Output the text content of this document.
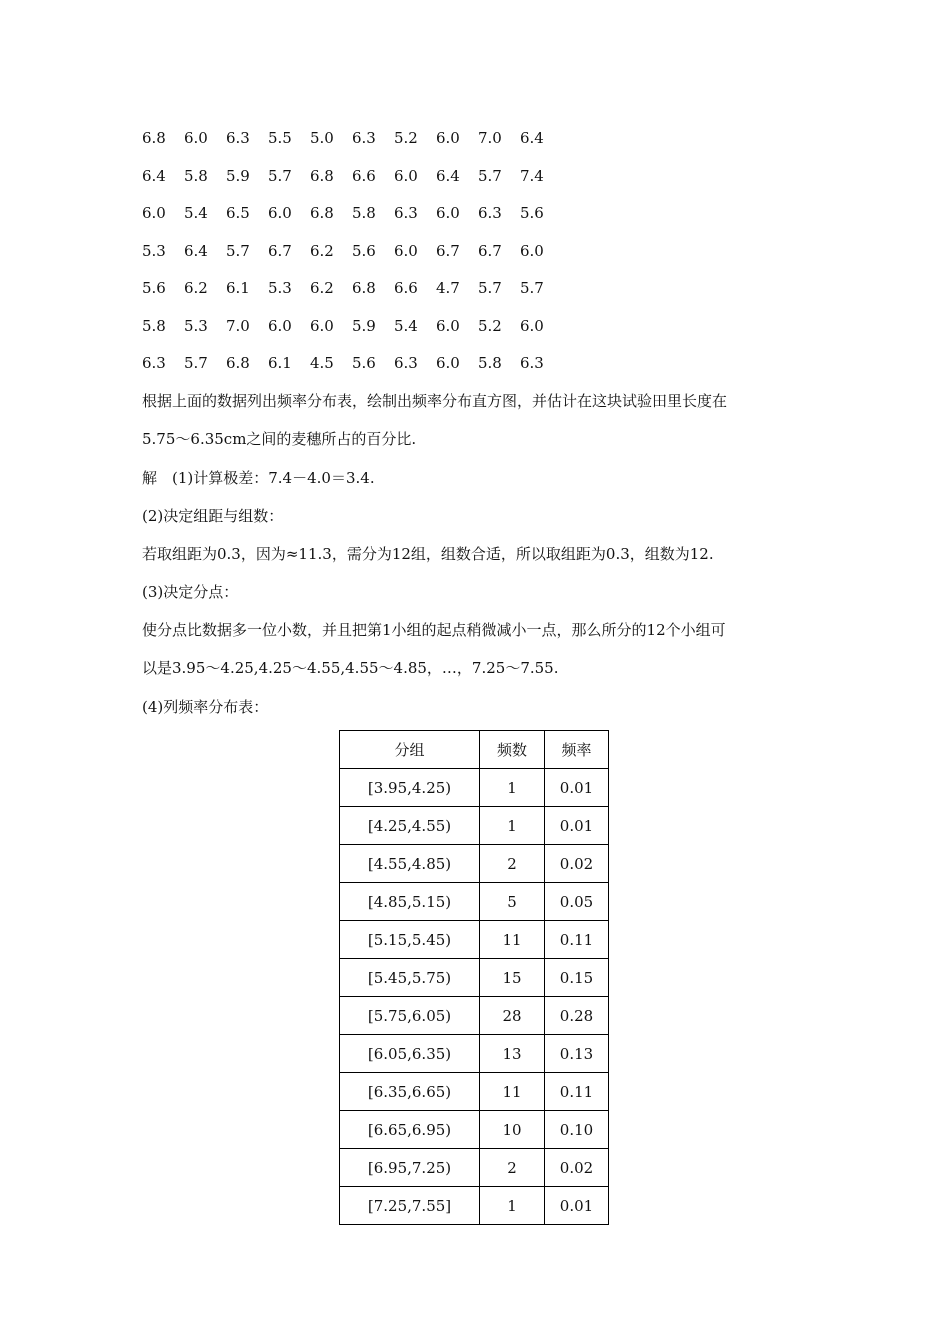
6.8 6.0 6.3 5.5 5.0 6.3 5.2 6.0 7.0 6.4
6.4 5.8 5.9 5.7 6.8 6.6 6.0 6.4 5.7 7.4
6.0 5.4 6.5 6.0 6.8 5.8 6.3 6.0 6.3 5.6
5.3 6.4 5.7 6.7 6.2 5.6 6.0 6.7 6.7 6.0
5.6 6.2 6.1 5.3 6.2 6.8 6.6 4.7 5.7 5.7
5.8 5.3 7.0 6.0 6.0 5.9 5.4 6.0 5.2 6.0
6.3 5.7 6.8 6.1 4.5 5.6 6.3 6.0 5.8 6.3
根据上面的数据列出频率分布表，绘制出频率分布直方图，并估计在这块试验田里长度在
5.75～6.35cm之间的麦穗所占的百分比.
解　(1)计算极差：7.4－4.0＝3.4.
(2)决定组距与组数：
若取组距为0.3，因为≈11.3，需分为12组，组数合适，所以取组距为0.3，组数为12.
(3)决定分点：
使分点比数据多一位小数，并且把第1小组的起点稍微减小一点，那么所分的12个小组可
以是3.95～4.25,4.25～4.55,4.55～4.85，…，7.25～7.55.
(4)列频率分布表：
分组	频数	频率
[3.95,4.25)	1	0.01
[4.25,4.55)	1	0.01
[4.55,4.85)	2	0.02
[4.85,5.15)	5	0.05
[5.15,5.45)	11	0.11
[5.45,5.75)	15	0.15
[5.75,6.05)	28	0.28
[6.05,6.35)	13	0.13
[6.35,6.65)	11	0.11
[6.65,6.95)	10	0.10
[6.95,7.25)	2	0.02
[7.25,7.55]	1	0.01
